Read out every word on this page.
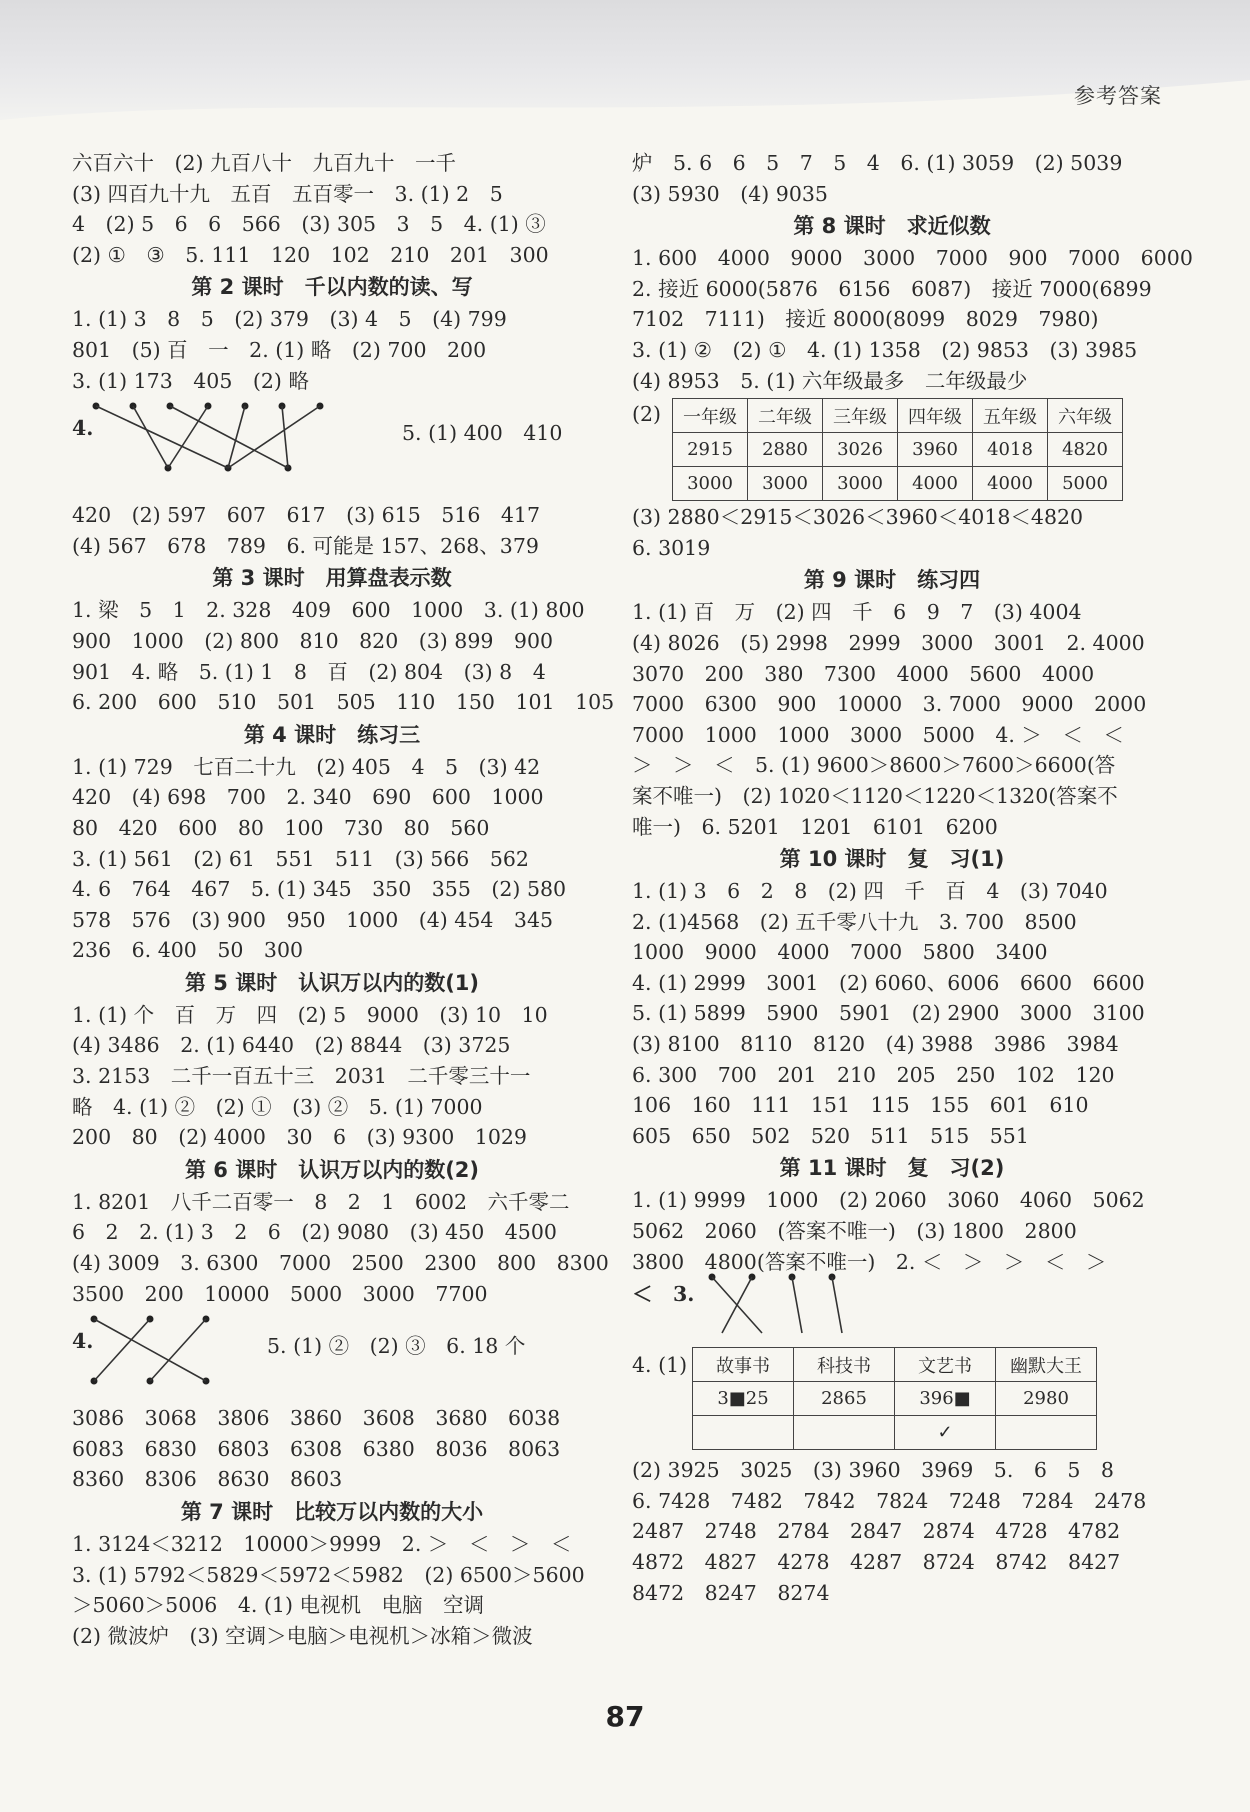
参考答案
六百六十　(2) 九百八十　九百九十　一千
(3) 四百九十九　五百　五百零一　3. (1) 2　5
4　(2) 5　6　6　566　(3) 305　3　5　4. (1) ③
(2) ①　③　5. 111　120　102　210　201　300
第 2 课时　千以内数的读、写
1. (1) 3　8　5　(2) 379　(3) 4　5　(4) 799
801　(5) 百　一　2. (1) 略　(2) 700　200
3. (1) 173　405　(2) 略
4.	5. (1) 400　410
420　(2) 597　607　617　(3) 615　516　417
(4) 567　678　789　6. 可能是 157、268、379
第 3 课时　用算盘表示数
1. 梁　5　1　2. 328　409　600　1000　3. (1) 800
900　1000　(2) 800　810　820　(3) 899　900
901　4. 略　5. (1) 1　8　百　(2) 804　(3) 8　4
6. 200　600　510　501　505　110　150　101　105
第 4 课时　练习三
1. (1) 729　七百二十九　(2) 405　4　5　(3) 42
420　(4) 698　700　2. 340　690　600　1000
80　420　600　80　100　730　80　560
3. (1) 561　(2) 61　551　511　(3) 566　562
4. 6　764　467　5. (1) 345　350　355　(2) 580
578　576　(3) 900　950　1000　(4) 454　345
236　6. 400　50　300
第 5 课时　认识万以内的数(1)
1. (1) 个　百　万　四　(2) 5　9000　(3) 10　10
(4) 3486　2. (1) 6440　(2) 8844　(3) 3725
3. 2153　二千一百五十三　2031　二千零三十一
略　4. (1) ②　(2) ①　(3) ②　5. (1) 7000
200　80　(2) 4000　30　6　(3) 9300　1029
第 6 课时　认识万以内的数(2)
1. 8201　八千二百零一　8　2　1　6002　六千零二
6　2　2. (1) 3　2　6　(2) 9080　(3) 450　4500
(4) 3009　3. 6300　7000　2500　2300　800　8300
3500　200　10000　5000　3000　7700
4.	5. (1) ②　(2) ③　6. 18 个
3086　3068　3806　3860　3608　3680　6038
6083　6830　6803　6308　6380　8036　8063
8360　8306　8630　8603
第 7 课时　比较万以内数的大小
1. 3124＜3212　10000＞9999　2. ＞　＜　＞　＜
3. (1) 5792＜5829＜5972＜5982　(2) 6500＞5600
＞5060＞5006　4. (1) 电视机　电脑　空调
(2) 微波炉　(3) 空调＞电脑＞电视机＞冰箱＞微波
炉　5. 6　6　5　7　5　4　6. (1) 3059　(2) 5039
(3) 5930　(4) 9035
第 8 课时　求近似数
1. 600　4000　9000　3000　7000　900　7000　6000
2. 接近 6000(5876　6156　6087)　接近 7000(6899
7102　7111)　接近 8000(8099　8029　7980)
3. (1) ②　(2) ①　4. (1) 1358　(2) 9853　(3) 3985
(4) 8953　5. (1) 六年级最多　二年级最少
(2) 一年级	二年级	三年级	四年级	五年级	六年级
2915	2880	3026	3960	4018	4820
3000	3000	3000	4000	4000	5000
(3) 2880＜2915＜3026＜3960＜4018＜4820
6. 3019
第 9 课时　练习四
1. (1) 百　万　(2) 四　千　6　9　7　(3) 4004
(4) 8026　(5) 2998　2999　3000　3001　2. 4000
3070　200　380　7300　4000　5600　4000
7000　6300　900　10000　3. 7000　9000　2000
7000　1000　1000　3000　5000　4. ＞　＜　＜
＞　＞　＜　5. (1) 9600＞8600＞7600＞6600(答
案不唯一)　(2) 1020＜1120＜1220＜1320(答案不
唯一)　6. 5201　1201　6101　6200
第 10 课时　复　习(1)
1. (1) 3　6　2　8　(2) 四　千　百　4　(3) 7040
2. (1)4568　(2) 五千零八十九　3. 700　8500
1000　9000　4000　7000　5800　3400
4. (1) 2999　3001　(2) 6060、6006　6600　6600
5. (1) 5899　5900　5901　(2) 2900　3000　3100
(3) 8100　8110　8120　(4) 3988　3986　3984
6. 300　700　201　210　205　250　102　120
106　160　111　151　115　155　601　610
605　650　502　520　511　515　551
第 11 课时　复　习(2)
1. (1) 9999　1000　(2) 2060　3060　4060　5062
5062　2060　(答案不唯一)　(3) 1800　2800
3800　4800(答案不唯一)　2. ＜　＞　＞　＜　＞
＜　3.
4. (1) 故事书	科技书	文艺书	幽默大王
3■25	2865	396■	2980
		✓	
(2) 3925　3025　(3) 3960　3969　5.　6　5　8
6. 7428　7482　7842　7824　7248　7284　2478
2487　2748　2784　2847　2874　4728　4782
4872　4827　4278　4287　8724　8742　8427
8472　8247　8274
87
